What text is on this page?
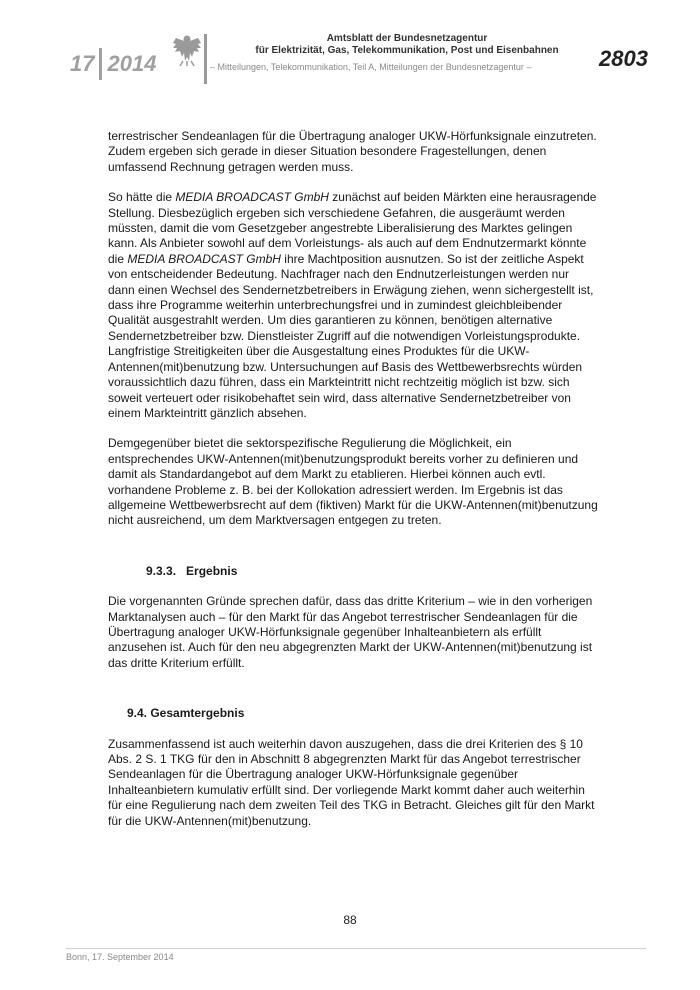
17 2014
Amtsblatt der Bundesnetzagentur
für Elektrizität, Gas, Telekommunikation, Post und Eisenbahnen
– Mitteilungen, Telekommunikation, Teil A, Mitteilungen der Bundesnetzagentur –	2803

terrestrischer Sendeanlagen für die Übertragung analoger UKW-Hörfunksignale einzutreten. Zudem ergeben sich gerade in dieser Situation besondere Fragestellungen, denen umfassend Rechnung getragen werden muss.

So hätte die MEDIA BROADCAST GmbH zunächst auf beiden Märkten eine herausragende Stellung. Diesbezüglich ergeben sich verschiedene Gefahren, die ausgeräumt werden müssten, damit die vom Gesetzgeber angestrebte Liberalisierung des Marktes gelingen kann. Als Anbieter sowohl auf dem Vorleistungs- als auch auf dem Endnutzermarkt könnte die MEDIA BROADCAST GmbH ihre Machtposition ausnutzen. So ist der zeitliche Aspekt von entscheidender Bedeutung. Nachfrager nach den Endnutzerleistungen werden nur dann einen Wechsel des Sendernetzbetreibers in Erwägung ziehen, wenn sichergestellt ist, dass ihre Programme weiterhin unterbrechungsfrei und in zumindest gleichbleibender Qualität ausgestrahlt werden. Um dies garantieren zu können, benötigen alternative Sendernetzbetreiber bzw. Dienstleister Zugriff auf die notwendigen Vorleistungsprodukte. Langfristige Streitigkeiten über die Ausgestaltung eines Produktes für die UKW-Antennen(mit)benutzung bzw. Untersuchungen auf Basis des Wettbewerbsrechts würden voraussichtlich dazu führen, dass ein Markteintritt nicht rechtzeitig möglich ist bzw. sich soweit verteuert oder risikobehaftet sein wird, dass alternative Sendernetzbetreiber von einem Markteintritt gänzlich absehen.

Demgegenüber bietet die sektorspezifische Regulierung die Möglichkeit, ein entsprechendes UKW-Antennen(mit)benutzungsprodukt bereits vorher zu definieren und damit als Standardangebot auf dem Markt zu etablieren. Hierbei können auch evtl. vorhandene Probleme z. B. bei der Kollokation adressiert werden. Im Ergebnis ist das allgemeine Wettbewerbsrecht auf dem (fiktiven) Markt für die UKW-Antennen(mit)benutzung nicht ausreichend, um dem Marktversagen entgegen zu treten.

9.3.3.   Ergebnis

Die vorgenannten Gründe sprechen dafür, dass das dritte Kriterium – wie in den vorherigen Marktanalysen auch – für den Markt für das Angebot terrestrischer Sendeanlagen für die Übertragung analoger UKW-Hörfunksignale gegenüber Inhalteanbietern als erfüllt anzusehen ist. Auch für den neu abgegrenzten Markt der UKW-Antennen(mit)benutzung ist das dritte Kriterium erfüllt.

9.4. Gesamtergebnis

Zusammenfassend ist auch weiterhin davon auszugehen, dass die drei Kriterien des § 10 Abs. 2 S. 1 TKG für den in Abschnitt 8 abgegrenzten Markt für das Angebot terrestrischer Sendeanlagen für die Übertragung analoger UKW-Hörfunksignale gegenüber Inhalteanbietern kumulativ erfüllt sind. Der vorliegende Markt kommt daher auch weiterhin für eine Regulierung nach dem zweiten Teil des TKG in Betracht. Gleiches gilt für den Markt für die UKW-Antennen(mit)benutzung.

88
Bonn, 17. September 2014
